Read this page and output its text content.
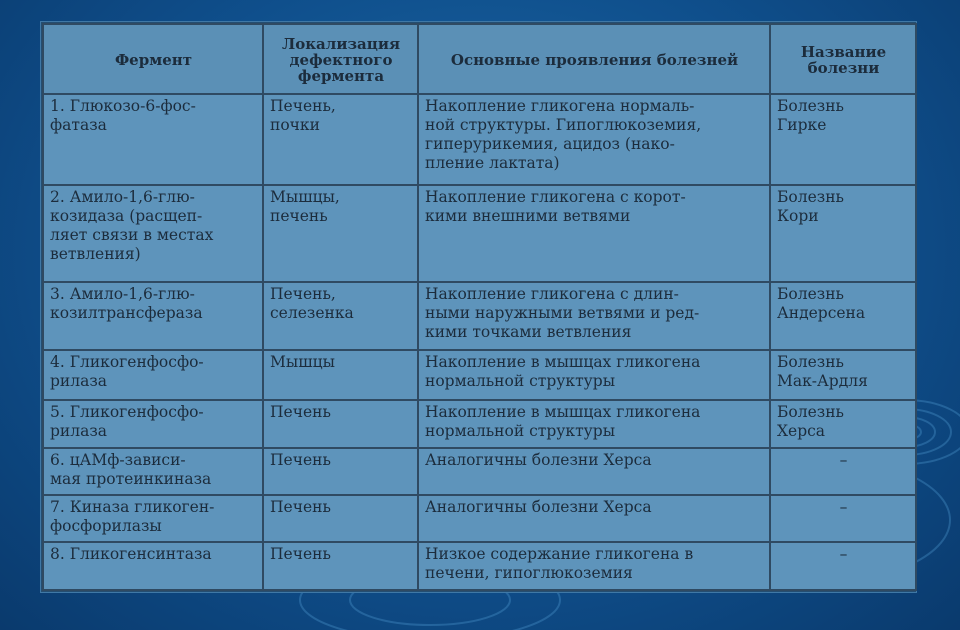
Фермент	Локализация
дефектного
фермента	Основные проявления болезней	Название
болезни

1. Глюкозо-6-фос-
фатаза	Печень,
почки	Накопление гликогена нормаль-
ной структуры. Гипоглюкоземия,
гиперурикемия, ацидоз (нако-
пление лактата)	Болезнь
Гирке

2. Амило-1,6-глю-
козидаза (расщеп-
ляет связи в местах
ветвления)	Мышцы,
печень	Накопление гликогена с корот-
кими внешними ветвями	Болезнь
Кори

3. Амило-1,6-глю-
козилтрансфераза	Печень,
селезенка	Накопление гликогена с длин-
ными наружными ветвями и ред-
кими точками ветвления	Болезнь
Андерсена

4. Гликогенфосфо-
рилаза	Мышцы	Накопление в мышцах гликогена
нормальной структуры	Болезнь
Мак-Ардля

5. Гликогенфосфо-
рилаза	Печень	Накопление в мышцах гликогена
нормальной структуры	Болезнь
Херса

6. цАМф-зависи-
мая протеинкиназа	Печень	Аналогичны болезни Херса	–

7. Киназа гликоген-
фосфорилазы	Печень	Аналогичны болезни Херса	–

8. Гликогенсинтаза	Печень	Низкое содержание гликогена в
печени, гипоглюкоземия	–
